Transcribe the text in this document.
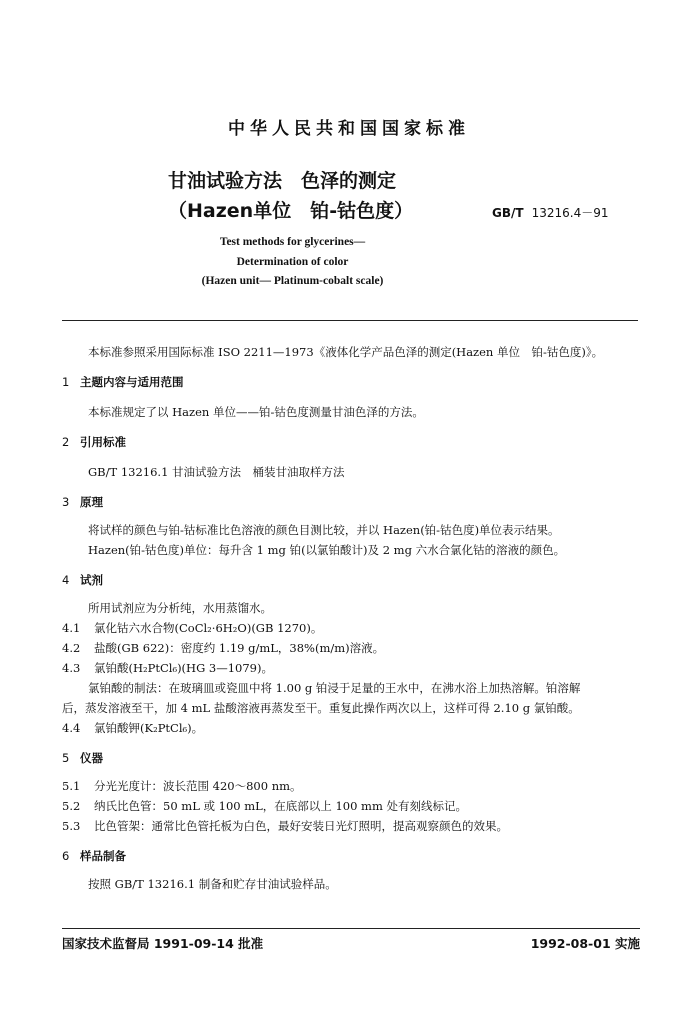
中华人民共和国国家标准
甘油试验方法　色泽的测定
（Hazen单位　铂-钴色度）	GB/T 13216.4－91
Test methods for glycerines—
Determination of color
(Hazen unit— Platinum-cobalt scale)
本标准参照采用国际标准 ISO 2211—1973《液体化学产品色泽的测定(Hazen 单位　铂-钴色度)》。
1 主题内容与适用范围
本标准规定了以 Hazen 单位——铂-钴色度测量甘油色泽的方法。
2 引用标准
GB/T 13216.1 甘油试验方法　桶装甘油取样方法
3 原理
将试样的颜色与铂-钴标准比色溶液的颜色目测比较，并以 Hazen(铂-钴色度)单位表示结果。
Hazen(铂-钴色度)单位：每升含 1 mg 铂(以氯铂酸计)及 2 mg 六水合氯化钴的溶液的颜色。
4 试剂
所用试剂应为分析纯，水用蒸馏水。
4.1 氯化钴六水合物(CoCl₂·6H₂O)(GB 1270)。
4.2 盐酸(GB 622)：密度约 1.19 g/mL，38%(m/m)溶液。
4.3 氯铂酸(H₂PtCl₆)(HG 3—1079)。
氯铂酸的制法：在玻璃皿或瓷皿中将 1.00 g 铂浸于足量的王水中，在沸水浴上加热溶解。铂溶解
后，蒸发溶液至干，加 4 mL 盐酸溶液再蒸发至干。重复此操作两次以上，这样可得 2.10 g 氯铂酸。
4.4 氯铂酸钾(K₂PtCl₆)。
5 仪器
5.1 分光光度计：波长范围 420～800 nm。
5.2 纳氏比色管：50 mL 或 100 mL，在底部以上 100 mm 处有刻线标记。
5.3 比色管架：通常比色管托板为白色，最好安装日光灯照明，提高观察颜色的效果。
6 样品制备
按照 GB/T 13216.1 制备和贮存甘油试验样品。
国家技术监督局 1991-09-14 批准	1992-08-01 实施
